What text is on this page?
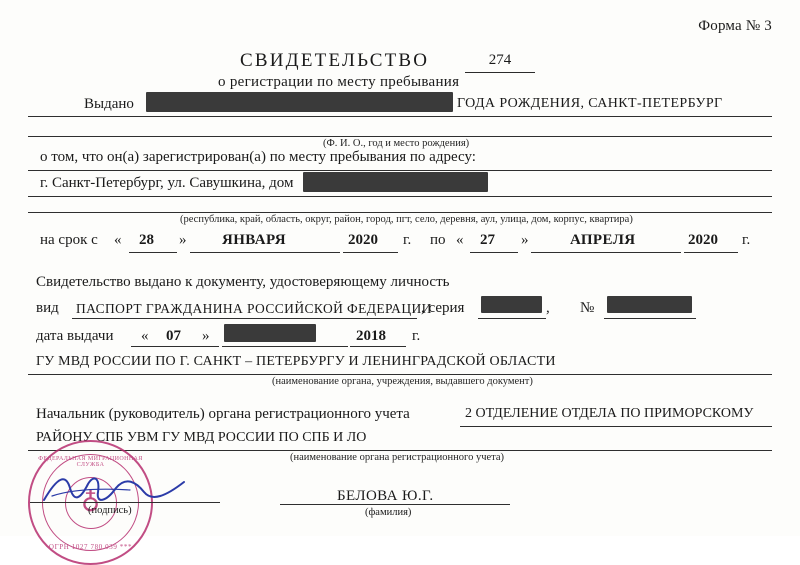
Форма № 3
СВИДЕТЕЛЬСТВО	274
о регистрации по месту пребывания
Выдано	ГОДА РОЖДЕНИЯ, САНКТ-ПЕТЕРБУРГ
(Ф. И. О., год и место рождения)
о том, что он(а) зарегистрирован(а) по месту пребывания по адресу:
г. Санкт-Петербург, ул. Савушкина, дом
(республика, край, область, округ, район, город, пгт, село, деревня, аул, улица, дом, корпус, квартира)
на срок с « 28 » ЯНВАРЯ	2020 г. по « 27 »	АПРЕЛЯ	2020 г.
Свидетельство выдано к документу, удостоверяющему личность
вид ПАСПОРТ ГРАЖДАНИНА РОССИЙСКОЙ ФЕДЕРАЦИИ
, серия	, №
дата выдачи « 07 »	2018 г.
ГУ МВД РОССИИ ПО Г. САНКТ – ПЕТЕРБУРГУ И ЛЕНИНГРАДСКОЙ ОБЛАСТИ
(наименование органа, учреждения, выдавшего документ)
Начальник (руководитель) органа регистрационного учета	2 ОТДЕЛЕНИЕ ОТДЕЛА ПО ПРИМОРСКОМУ
РАЙОНУ СПБ УВМ ГУ МВД РОССИИ ПО СПБ И ЛО
(наименование органа регистрационного учета)
ФЕДЕРАЛЬНАЯ МИГРАЦИОННАЯ СЛУЖБА
♁
ОГРН 1027 780 039 ***
(подпись)
БЕЛОВА Ю.Г.
(фамилия)
